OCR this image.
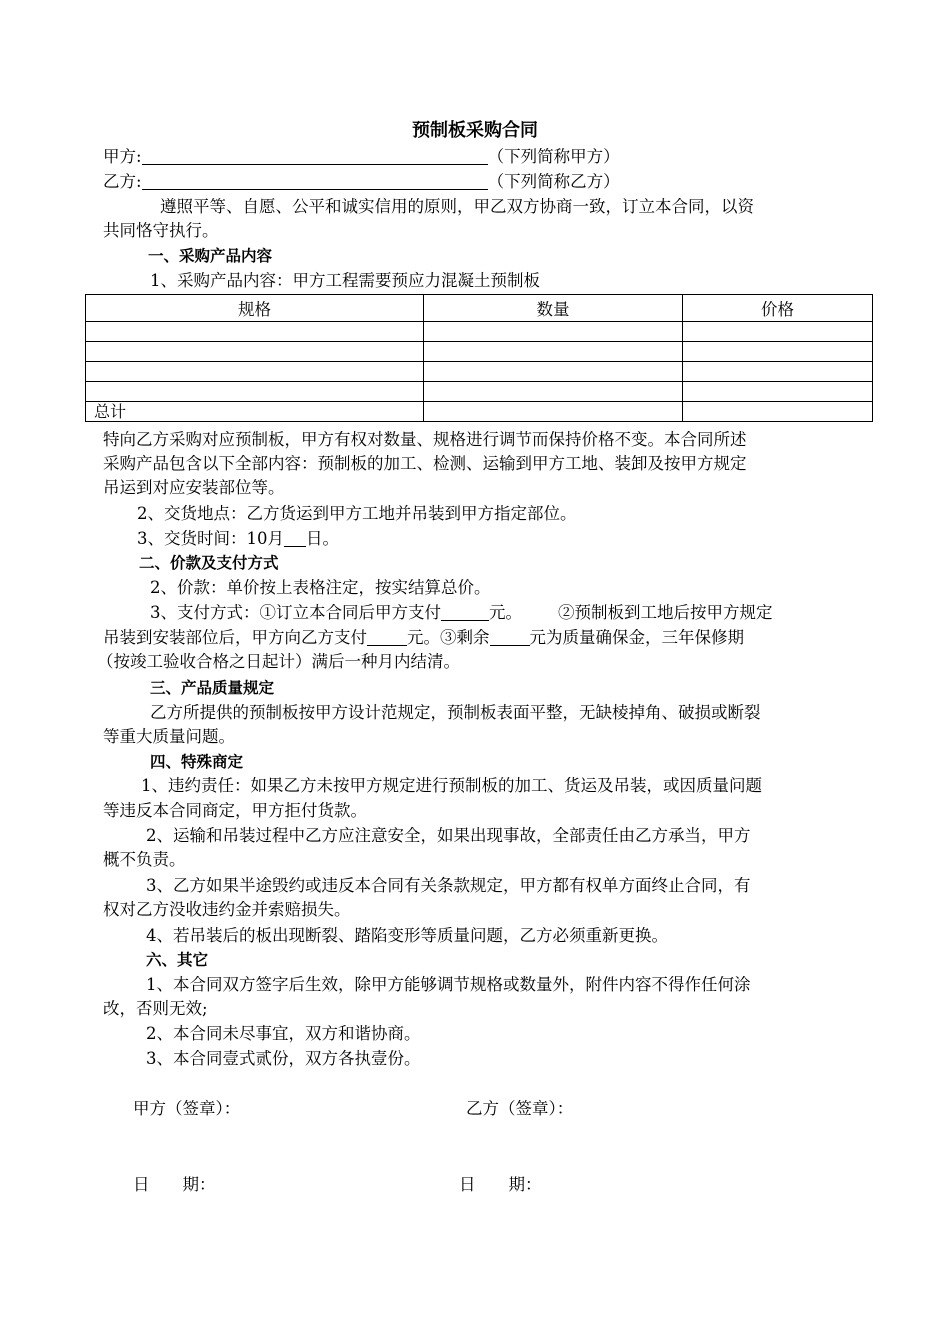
预制板采购合同
甲方:	（下列简称甲方）
乙方:	（下列简称乙方）
遵照平等、自愿、公平和诚实信用的原则，甲乙双方协商一致，订立本合同，以资
共同恪守执行。
一、采购产品内容
1、采购产品内容：甲方工程需要预应力混凝土预制板
规格	数量	价格

总计		
特向乙方采购对应预制板，甲方有权对数量、规格进行调节而保持价格不变。本合同所述
采购产品包含以下全部内容：预制板的加工、检测、运输到甲方工地、装卸及按甲方规定
吊运到对应安装部位等。
2、交货地点：乙方货运到甲方工地并吊装到甲方指定部位。
3、交货时间：10月 日。
二、价款及支付方式
2、价款：单价按上表格注定，按实结算总价。
3、支付方式：①订立本合同后甲方支付	元。 ②预制板到工地后按甲方规定
吊装到安装部位后，甲方向乙方支付 元。③剩余 元为质量确保金，三年保修期
（按竣工验收合格之日起计）满后一种月内结清。
三、产品质量规定
乙方所提供的预制板按甲方设计范规定，预制板表面平整，无缺棱掉角、破损或断裂
等重大质量问题。
四、特殊商定
1、违约责任：如果乙方未按甲方规定进行预制板的加工、货运及吊装，或因质量问题
等违反本合同商定，甲方拒付货款。
2、运输和吊装过程中乙方应注意安全，如果出现事故，全部责任由乙方承当，甲方
概不负责。
3、乙方如果半途毁约或违反本合同有关条款规定，甲方都有权单方面终止合同，有
权对乙方没收违约金并索赔损失。
4、若吊装后的板出现断裂、踏陷变形等质量问题，乙方必须重新更换。
六、其它
1、本合同双方签字后生效，除甲方能够调节规格或数量外，附件内容不得作任何涂
改，否则无效;
2、本合同未尽事宜，双方和谐协商。
3、本合同壹式贰份，双方各执壹份。
甲方（签章）：	乙方（签章）：
日　　期：	日　　期：
